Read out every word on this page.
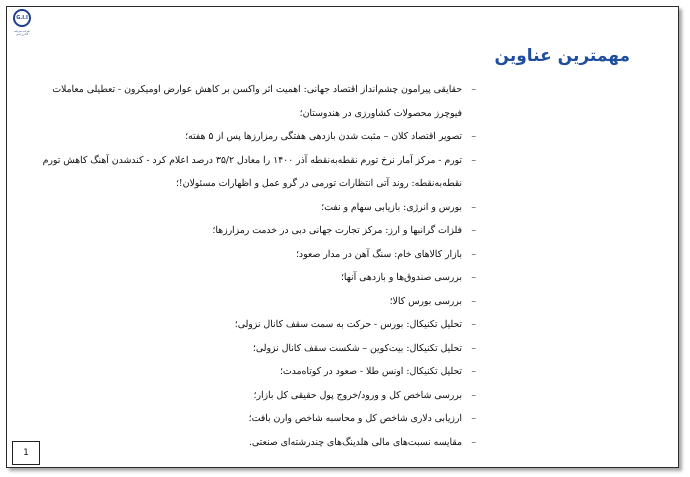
G.I.I
شرکت سرمایه گذاری غدیر
مهمترین عناوین
–
حقایقی پیرامون چشم‌انداز اقتصاد جهانی: اهمیت اثر واکسن بر کاهش عوارض اومیکرون - تعطیلی معاملات فیوچرز محصولات کشاورزی در هندوستان؛
–
تصویر اقتصاد کلان – مثبت شدن بازدهی هفتگی رمزارزها پس از ۵ هفته؛
–
تورم - مرکز آمار نرخ تورم نقطه‌به‌نقطه آذر ۱۴۰۰ را معادل ۳۵/۲ درصد اعلام کرد - کندشدن آهنگ کاهش تورم نقطه‌به‌نقطه: روند آتی انتظارات تورمی در گرو عمل و اظهارات مسئولان!؛
–
بورس و انرژی: بازیابی سهام و نفت؛
–
فلزات گرانبها و ارز: مرکز تجارت جهانی دبی در خدمت رمزارزها؛
–
بازار کالاهای خام: سنگ آهن در مدار صعود؛
–
بررسی صندوق‌ها و بازدهی آنها؛
–
بررسی بورس کالا؛
–
تحلیل تکنیکال: بورس - حرکت به سمت سقف کانال نزولی؛
–
تحلیل تکنیکال: بیت‌کوین – شکست سقف کانال نزولی؛
–
تحلیل تکنیکال: اونس طلا - صعود در کوتاه‌مدت؛
–
بررسی شاخص کل و ورود/خروج پول حقیقی کل بازار؛
–
ارزیابی دلاری شاخص کل و محاسبه شاخص وارن بافت؛
–
مقایسه نسبت‌های مالی هلدینگ‌های چندرشته‌ای صنعتی.
1
